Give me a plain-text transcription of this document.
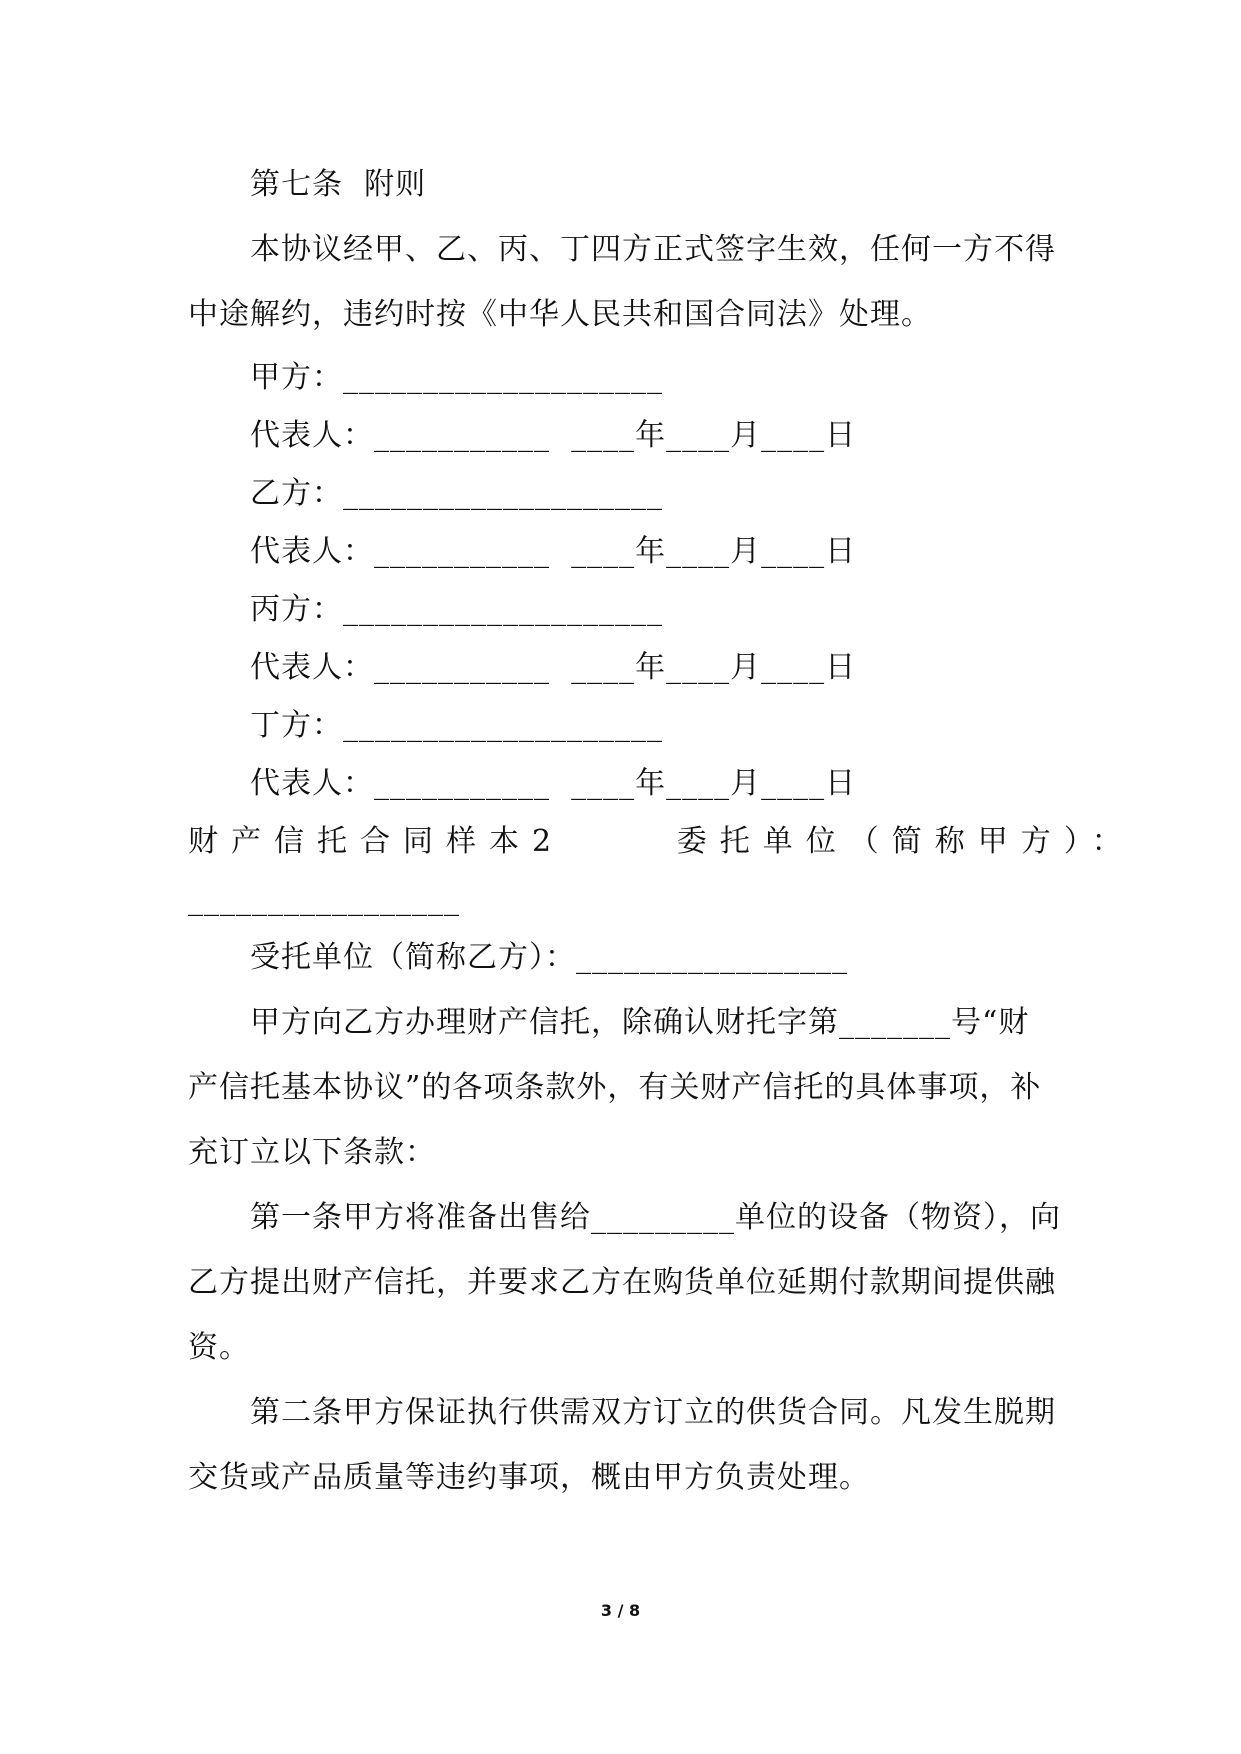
第七条  附则
本协议经甲、乙、丙、丁四方正式签字生效，任何一方不得
中途解约，违约时按《中华人民共和国合同法》处理。
甲方：____________________
代表人：___________  ____年____月____日
乙方：____________________
代表人：___________  ____年____月____日
丙方：____________________
代表人：___________  ____年____月____日
丁方：____________________
代表人：___________  ____年____月____日
财产信托合同样本2     委托单位（简称甲方）：
_________________
受托单位（简称乙方）：_________________
甲方向乙方办理财产信托，除确认财托字第_______号“财
产信托基本协议”的各项条款外，有关财产信托的具体事项，补
充订立以下条款：
第一条甲方将准备出售给_________单位的设备（物资），向
乙方提出财产信托，并要求乙方在购货单位延期付款期间提供融
资。
第二条甲方保证执行供需双方订立的供货合同。凡发生脱期
交货或产品质量等违约事项，概由甲方负责处理。
3 / 8
